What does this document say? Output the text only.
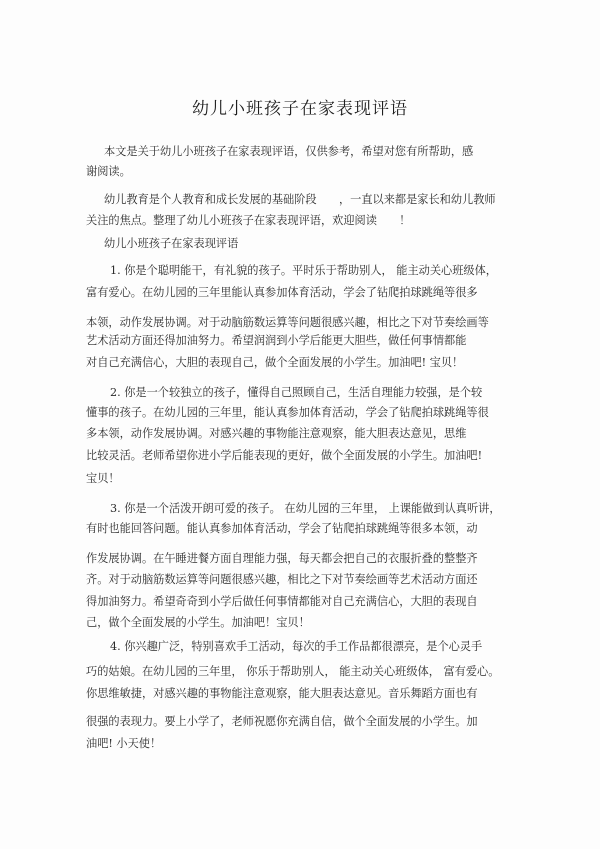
幼儿小班孩子在家表现评语
本文是关于幼儿小班孩子在家表现评语，仅供参考，希望对您有所帮助，感
谢阅读。
幼儿教育是个人教育和成长发展的基础阶段　　，一直以来都是家长和幼儿教师
关注的焦点。整理了幼儿小班孩子在家表现评语，欢迎阅读　　！
幼儿小班孩子在家表现评语
1. 你是个聪明能干，有礼貌的孩子。平时乐于帮助别人， 能主动关心班级体，
富有爱心。在幼儿园的三年里能认真参加体育活动，学会了钻爬拍球跳绳等很多
本领，动作发展协调。对于动脑筋数运算等问题很感兴趣，相比之下对节奏绘画等
艺术活动方面还得加油努力。希望润润到小学后能更大胆些，做任何事情都能
对自己充满信心，大胆的表现自己，做个全面发展的小学生。加油吧! 宝贝！
2. 你是一个较独立的孩子，懂得自己照顾自己，生活自理能力较强，是个较
懂事的孩子。在幼儿园的三年里，能认真参加体育活动，学会了钻爬拍球跳绳等很
多本领，动作发展协调。对感兴趣的事物能注意观察，能大胆表达意见，思维
比较灵活。老师希望你进小学后能表现的更好，做个全面发展的小学生。加油吧!
宝贝！
3. 你是一个活泼开朗可爱的孩子。 在幼儿园的三年里， 上课能做到认真听讲，
有时也能回答问题。能认真参加体育活动，学会了钻爬拍球跳绳等很多本领，动
作发展协调。在午睡进餐方面自理能力强，每天都会把自己的衣服折叠的整整齐
齐。对于动脑筋数运算等问题很感兴趣，相比之下对节奏绘画等艺术活动方面还
得加油努力。希望奇奇到小学后做任何事情都能对自己充满信心，大胆的表现自
己，做个全面发展的小学生。加油吧！宝贝！
4. 你兴趣广泛，特别喜欢手工活动，每次的手工作品都很漂亮，是个心灵手
巧的姑娘。在幼儿园的三年里， 你乐于帮助别人， 能主动关心班级体， 富有爱心。
你思维敏捷，对感兴趣的事物能注意观察，能大胆表达意见。音乐舞蹈方面也有
很强的表现力。要上小学了，老师祝愿你充满自信，做个全面发展的小学生。加
油吧! 小天使！
